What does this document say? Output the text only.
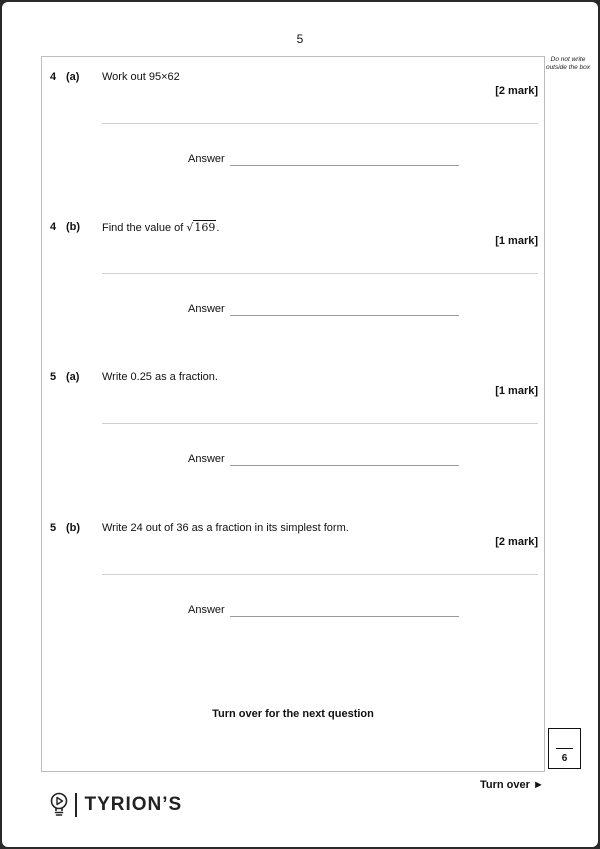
5
Do not write outside the box
4 (a) Work out 95×62
[2 mark]
Answer
4 (b) Find the value of √169.
[1 mark]
Answer
5 (a) Write 0.25 as a fraction.
[1 mark]
Answer
5 (b) Write 24 out of 36 as a fraction in its simplest form.
[2 mark]
Answer
Turn over for the next question
6
Turn over ►
TYRION’S
